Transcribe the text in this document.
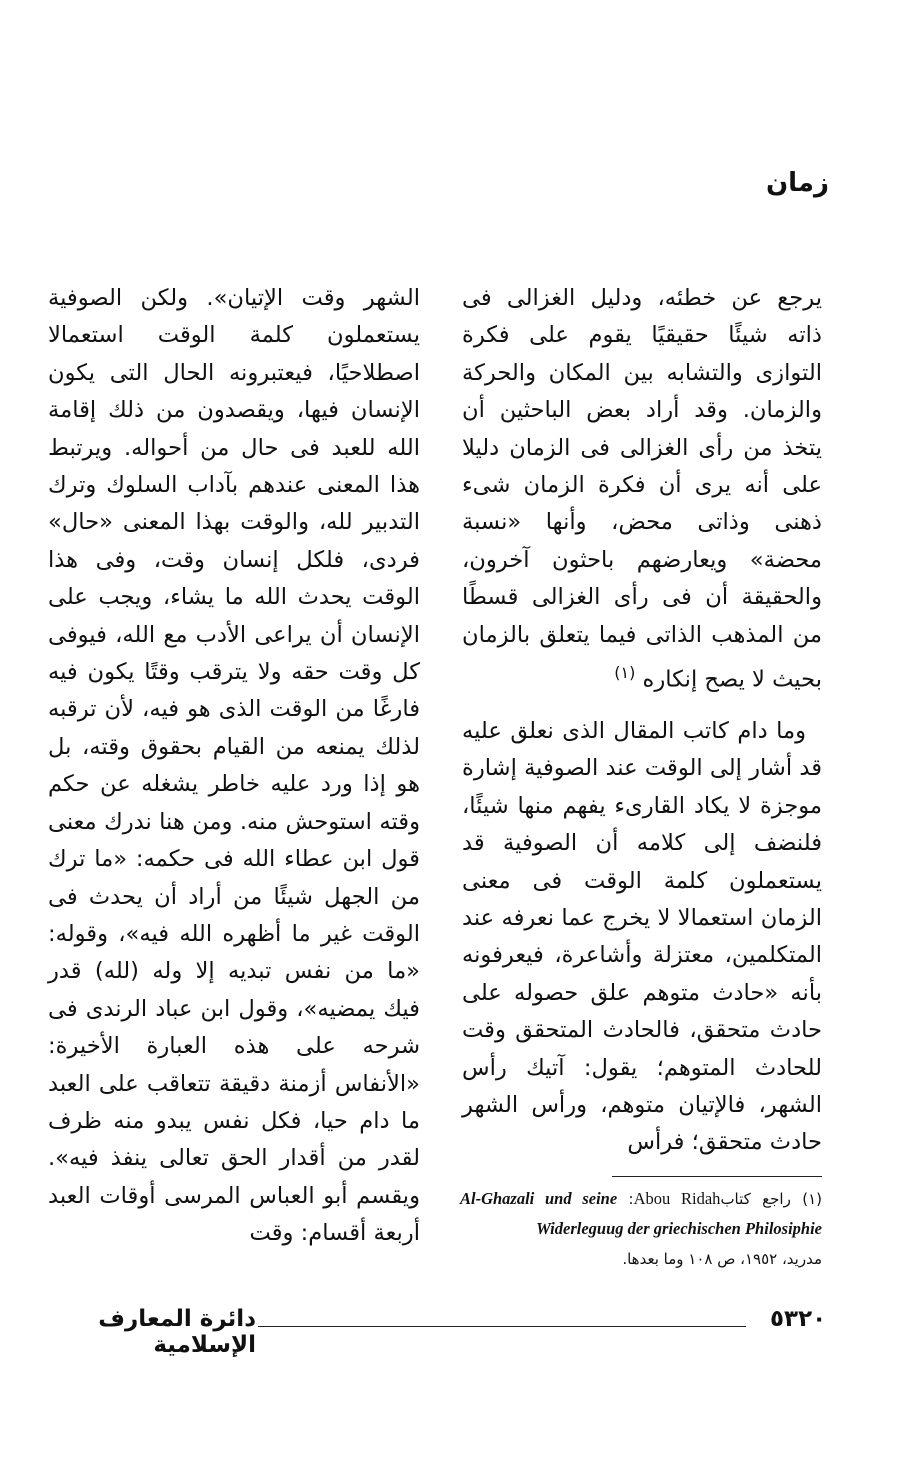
زمان

يرجع عن خطئه، ودليل الغزالى فى ذاته شيئًا حقيقيًا يقوم على فكرة التوازى والتشابه بين المكان والحركة والزمان. وقد أراد بعض الباحثين أن يتخذ من رأى الغزالى فى الزمان دليلا على أنه يرى أن فكرة الزمان شىء ذهنى وذاتى محض، وأنها «نسبة محضة» ويعارضهم باحثون آخرون، والحقيقة أن فى رأى الغزالى قسطًا من المذهب الذاتى فيما يتعلق بالزمان بحيث لا يصح إنكاره $^{(١)}$

وما دام كاتب المقال الذى نعلق عليه قد أشار إلى الوقت عند الصوفية إشارة موجزة لا يكاد القارىء يفهم منها شيئًا، فلنضف إلى كلامه أن الصوفية قد يستعملون كلمة الوقت فى معنى الزمان استعمالا لا يخرج عما نعرفه عند المتكلمين، معتزلة وأشاعرة، فيعرفونه بأنه «حادث متوهم علق حصوله على حادث متحقق، فالحادث المتحقق وقت للحادث المتوهم؛ يقول: آتيك رأس الشهر، فالإتيان متوهم، ورأس الشهر حادث متحقق؛ فرأس

الشهر وقت الإتيان». ولكن الصوفية يستعملون كلمة الوقت استعمالا اصطلاحيًا، فيعتبرونه الحال التى يكون الإنسان فيها، ويقصدون من ذلك إقامة الله للعبد فى حال من أحواله. ويرتبط هذا المعنى عندهم بآداب السلوك وترك التدبير لله، والوقت بهذا المعنى «حال» فردى، فلكل إنسان وقت، وفى هذا الوقت يحدث الله ما يشاء، ويجب على الإنسان أن يراعى الأدب مع الله، فيوفى كل وقت حقه ولا يترقب وقتًا يكون فيه فارغًا من الوقت الذى هو فيه، لأن ترقبه لذلك يمنعه من القيام بحقوق وقته، بل هو إذا ورد عليه خاطر يشغله عن حكم وقته استوحش منه. ومن هنا ندرك معنى قول ابن عطاء الله فى حكمه: «ما ترك من الجهل شيئًا من أراد أن يحدث فى الوقت غير ما أظهره الله فيه»، وقوله: «ما من نفس تبديه إلا وله (لله) قدر فيك يمضيه»، وقول ابن عباد الرندى فى شرحه على هذه العبارة الأخيرة: «الأنفاس أزمنة دقيقة تتعاقب على العبد ما دام حيا، فكل نفس يبدو منه ظرف لقدر من أقدار الحق تعالى ينفذ فيه». ويقسم أبو العباس المرسى أوقات العبد أربعة أقسام: وقت

(١) راجع كتابAbou Ridah: Al-Ghazali und seine Widerleguug der griechischen Philosiphie
مدريد، ١٩٥٢، ص ١٠٨ وما بعدها.
دائرة المعارف الإسلامية
٥٣٢٠
